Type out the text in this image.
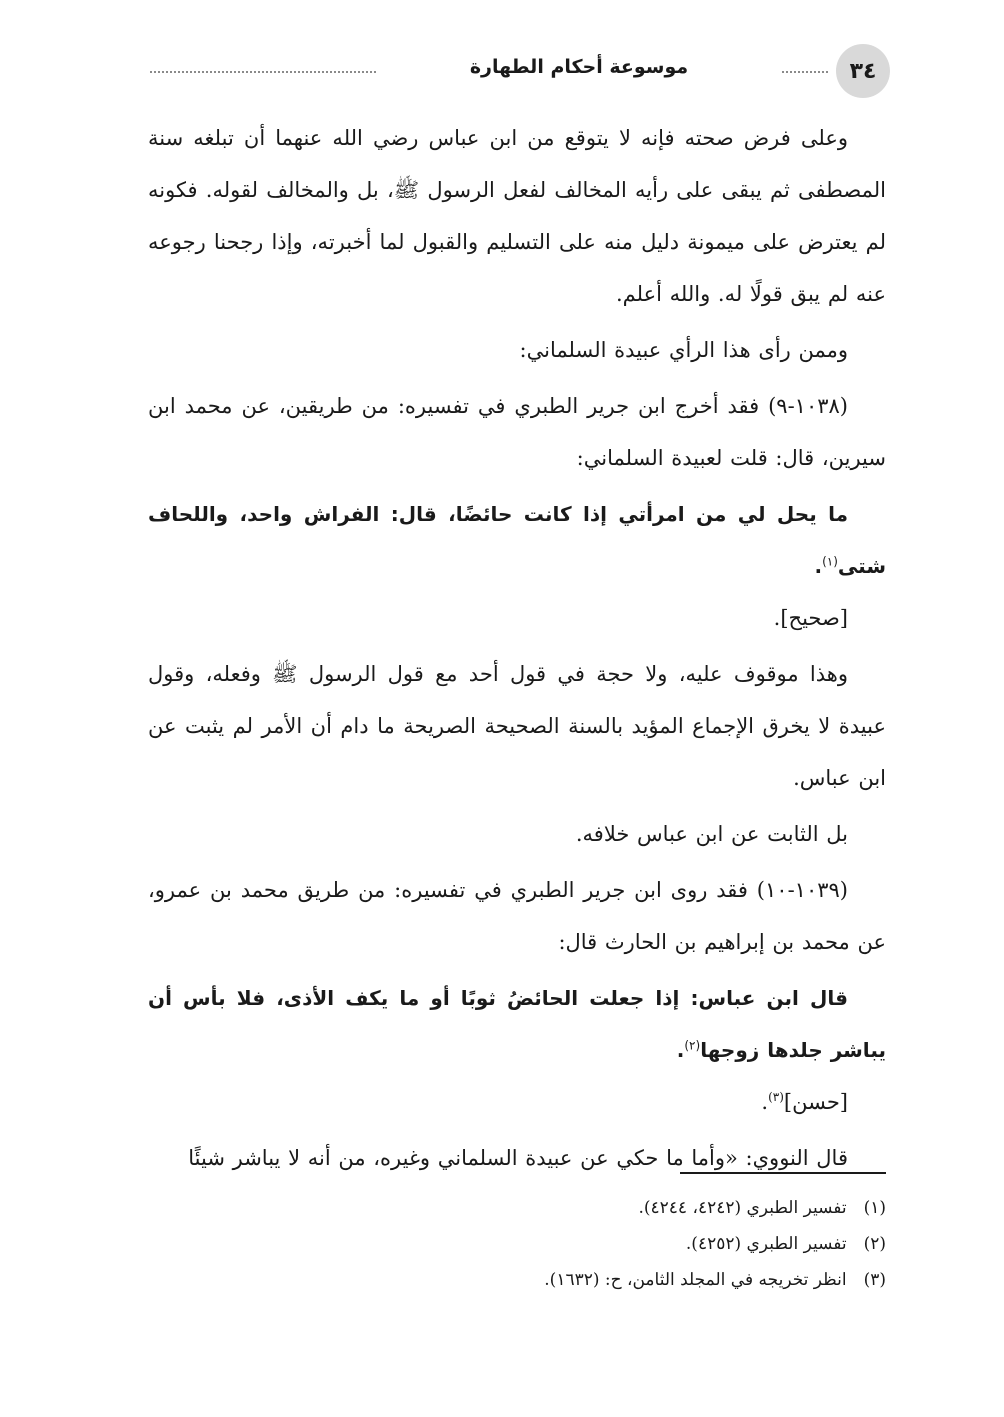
٣٤
موسوعة أحكام الطهارة

وعلى فرض صحته فإنه لا يتوقع من ابن عباس رضي الله عنهما أن تبلغه سنة المصطفى ثم يبقى على رأيه المخالف لفعل الرسول ﷺ، بل والمخالف لقوله. فكونه لم يعترض على ميمونة دليل منه على التسليم والقبول لما أخبرته، وإذا رجحنا رجوعه عنه لم يبق قولًا له. والله أعلم.

وممن رأى هذا الرأي عبيدة السلماني:

(١٠٣٨-٩) فقد أخرج ابن جرير الطبري في تفسيره: من طريقين، عن محمد ابن سيرين، قال: قلت لعبيدة السلماني:

ما يحل لي من امرأتي إذا كانت حائضًا، قال: الفراش واحد، واللحاف شتى$^{(١)}$.

[صحيح].

وهذا موقوف عليه، ولا حجة في قول أحد مع قول الرسول ﷺ وفعله، وقول عبيدة لا يخرق الإجماع المؤيد بالسنة الصحيحة الصريحة ما دام أن الأمر لم يثبت عن ابن عباس.

بل الثابت عن ابن عباس خلافه.

(١٠٣٩-١٠) فقد روى ابن جرير الطبري في تفسيره: من طريق محمد بن عمرو، عن محمد بن إبراهيم بن الحارث قال:

قال ابن عباس: إذا جعلت الحائضُ ثوبًا أو ما يكف الأذى، فلا بأس أن يباشر جلدها زوجها$^{(٢)}$.

[حسن]$^{(٣)}$.

قال النووي: «وأما ما حكي عن عبيدة السلماني وغيره، من أنه لا يباشر شيئًا

(١) تفسير الطبري (٤٢٤٢، ٤٢٤٤).

(٢) تفسير الطبري (٤٢٥٢).

(٣) انظر تخريجه في المجلد الثامن، ح: (١٦٣٢).
